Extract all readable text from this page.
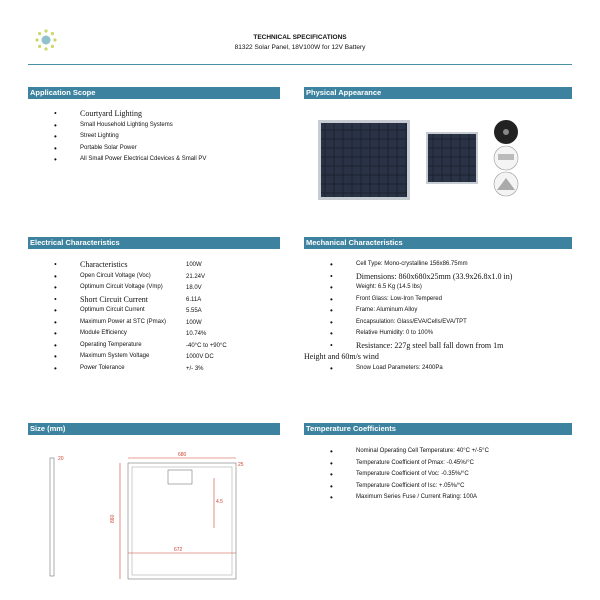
TECHNICAL SPECIFICATIONS
81322 Solar Panel, 18V100W for 12V Battery
Application Scope
• Courtyard Lighting
• Small Household Lighting Systems
• Street Lighting
• Portable Solar Power
• All Small Power Electrical Cdevices & Small PV
Physical Appearance
Electrical Characteristics
• Characteristics
• Open Circuit Voltage (Voc)
• Optimum Circuit Voltage (Vmp)
• Short Circuit Current
• Optimum Circuit Current
• Maximum Power at STC (Pmax)
• Module Efficiency
• Operating Temperature
• Maximum System Voltage
• Power Tolerance
100W
21.24V
18.0V
6.11A
5.55A
100W
10.74%
-40°C to +90°C
1000V DC
+/- 3%
Mechanical Characteristics
• Cell Type: Mono-crystalline 156x86.75mm
• Dimensions: 860x680x25mm (33.9x26.8x1.0 in)
• Weight: 6.5 Kg (14.5 lbs)
• Front Glass: Low-Iron Tempered
• Frame: Aluminum Alloy
• Encapsulation: Glass/EVA/Cells/EVA/TPT
• Relative Humidity: 0 to 100%
• Resistance: 227g steel ball fall down from 1m
Height and 60m/s wind
• Snow Load Parameters: 2400Pa
Size (mm)
680
25
20
860
672
4.5
Temperature Coefficients
• Nominal Operating Cell Temperature: 40°C +/-5°C
• Temperature Coefficient of Pmax: -0.45%/°C
• Temperature Coefficient of Voc: -0.35%/°C
• Temperature Coefficient of Isc: +.05%/°C
• Maximum Series Fuse / Current Rating: 100A
